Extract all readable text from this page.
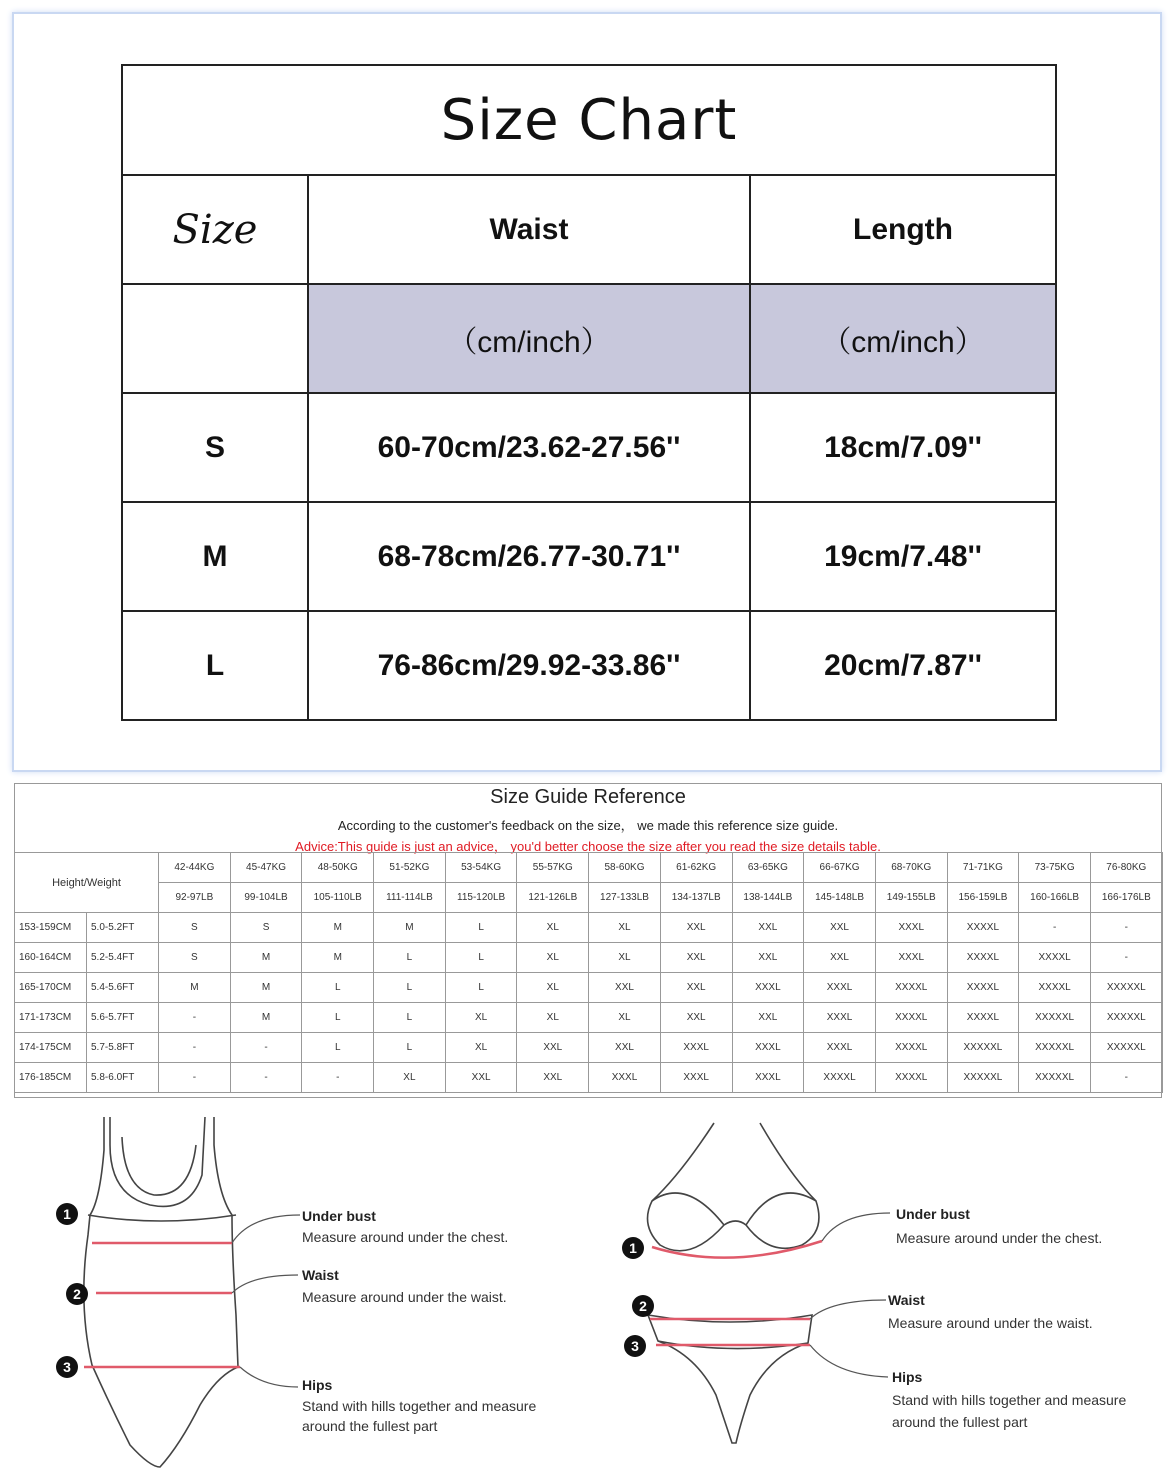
Size Chart		
Size	Waist	Length
	（cm/inch）	（cm/inch）
S	60-70cm/23.62-27.56''	18cm/7.09''
M	68-78cm/26.77-30.71''	19cm/7.48''
L	76-86cm/29.92-33.86''	20cm/7.87''
Size Guide Reference
According to the customer's feedback on the size， we made this reference size guide.
Advice:This guide is just an advice， you'd better choose the size after you read the size details table.
Height/Weight		42-44KG	45-47KG	48-50KG	51-52KG	53-54KG	55-57KG	58-60KG	61-62KG	63-65KG	66-67KG	68-70KG	71-71KG	73-75KG	76-80KG
		92-97LB	99-104LB	105-110LB	111-114LB	115-120LB	121-126LB	127-133LB	134-137LB	138-144LB	145-148LB	149-155LB	156-159LB	160-166LB	166-176LB
153-159CM	5.0-5.2FT	S	S	M	M	L	XL	XL	XXL	XXL	XXL	XXXL	XXXXL	-	-
160-164CM	5.2-5.4FT	S	M	M	L	L	XL	XL	XXL	XXL	XXL	XXXL	XXXXL	XXXXL	-
165-170CM	5.4-5.6FT	M	M	L	L	L	XL	XXL	XXL	XXXL	XXXL	XXXXL	XXXXL	XXXXL	XXXXXL
171-173CM	5.6-5.7FT	-	M	L	L	XL	XL	XL	XXL	XXL	XXXL	XXXXL	XXXXL	XXXXXL	XXXXXL
174-175CM	5.7-5.8FT	-	-	L	L	XL	XXL	XXL	XXXL	XXXL	XXXL	XXXXL	XXXXXL	XXXXXL	XXXXXL
176-185CM	5.8-6.0FT	-	-	-	XL	XXL	XXL	XXXL	XXXL	XXXL	XXXXL	XXXXL	XXXXXL	XXXXXL	-
1
2
3
Under bust
Measure around under the chest.
Waist
Measure around under the waist.
Hips
Stand with hills together and measure
around the fullest part
1
2
3
Under bust
Measure around under the chest.
Waist
Measure around under the waist.
Hips
Stand with hills together and measure
around the fullest part
